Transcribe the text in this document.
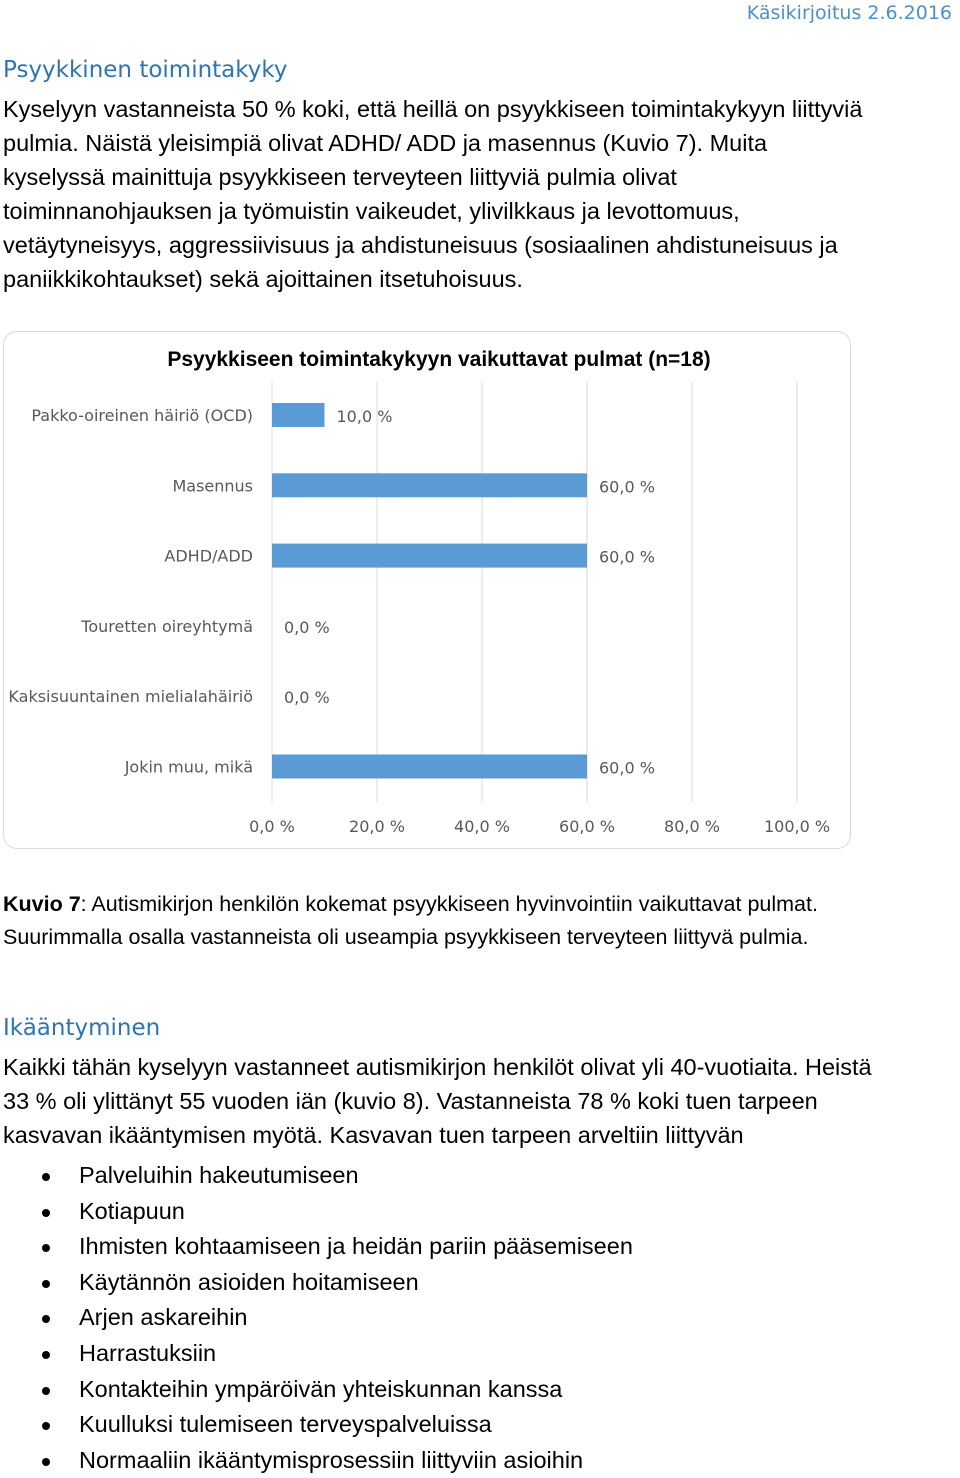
Käsikirjoitus 2.6.2016
Psyykkinen toimintakyky

Kyselyyn vastanneista 50 % koki, että heillä on psyykkiseen toimintakykyyn liittyviä
pulmia. Näistä yleisimpiä olivat ADHD/ ADD ja masennus (Kuvio 7). Muita
kyselyssä mainittuja psyykkiseen terveyteen liittyviä pulmia olivat
toiminnanohjauksen ja työmuistin vaikeudet, ylivilkkaus ja levottomuus,
vetäytyneisyys, aggressiivisuus ja ahdistuneisuus (sosiaalinen ahdistuneisuus ja
paniikkikohtaukset) sekä ajoittainen itsetuhoisuus.

Psyykkiseen toimintakykyyn vaikuttavat pulmat (n=18)
Pakko-oireinen häiriö (OCD)
Masennus
ADHD/ADD
Touretten oireyhtymä
Kaksisuuntainen mielialahäiriö
Jokin muu, mikä
10,0 %
60,0 %
60,0 %
0,0 %
0,0 %
60,0 %
0,0 %	20,0 %	40,0 %	60,0 %	80,0 %	100,0 %

Kuvio 7: Autismikirjon henkilön kokemat psyykkiseen hyvinvointiin vaikuttavat pulmat.
Suurimmalla osalla vastanneista oli useampia psyykkiseen terveyteen liittyvä pulmia.

Ikääntyminen

Kaikki tähän kyselyyn vastanneet autismikirjon henkilöt olivat yli 40-vuotiaita. Heistä
33 % oli ylittänyt 55 vuoden iän (kuvio 8). Vastanneista 78 % koki tuen tarpeen
kasvavan ikääntymisen myötä. Kasvavan tuen tarpeen arveltiin liittyvän

Palveluihin hakeutumiseen
Kotiapuun
Ihmisten kohtaamiseen ja heidän pariin pääsemiseen
Käytännön asioiden hoitamiseen
Arjen askareihin
Harrastuksiin
Kontakteihin ympäröivän yhteiskunnan kanssa
Kuulluksi tulemiseen terveyspalveluissa
Normaaliin ikääntymisprosessiin liittyviin asioihin
